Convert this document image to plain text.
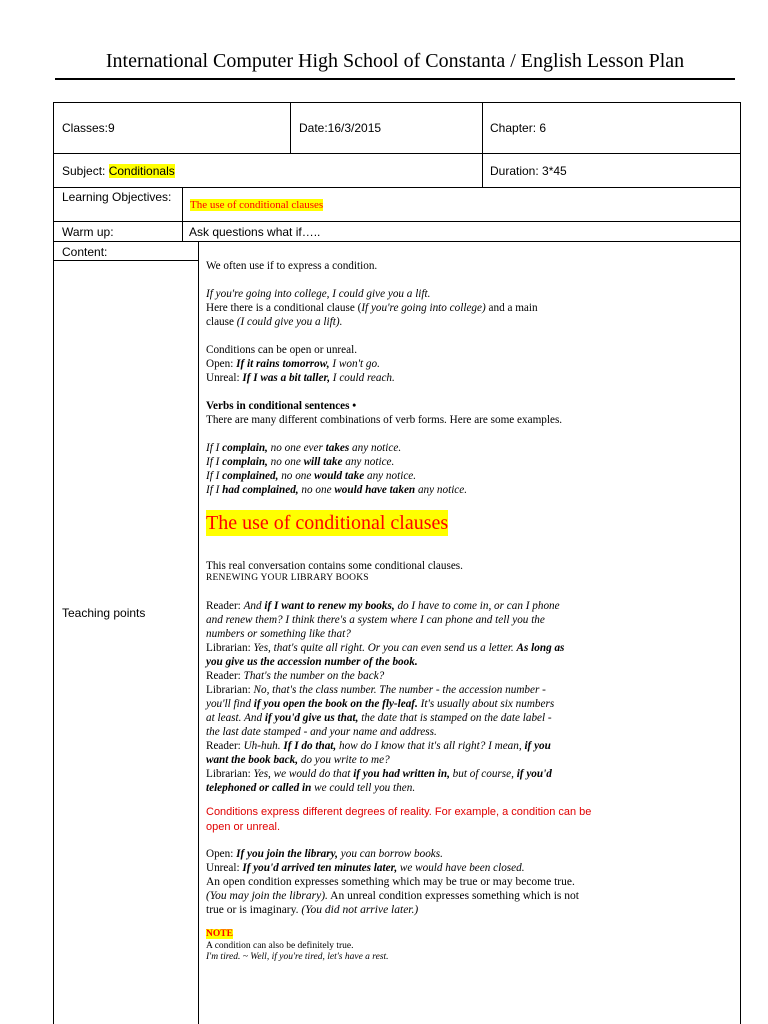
International Computer High School of Constanta / English Lesson Plan
Classes:9	Date:16/3/2015	Chapter: 6
Subject: Conditionals	Duration: 3*45
Learning Objectives:
The use of conditional clauses
Warm up:	Ask questions what if…..
Content:
Teaching points

We often use if to express a condition.

If you're going into college, I could give you a lift.

Here there is a conditional clause (If you're going into college) and a main

clause (I could give you a lift).

Conditions can be open or unreal.

Open: If it rains tomorrow, I won't go.

Unreal: If I was a bit taller, I could reach.

Verbs in conditional sentences •

There are many different combinations of verb forms. Here are some examples.

If I complain, no one ever takes any notice.

If I complain, no one will take any notice.

If I complained, no one would take any notice.

If I had complained, no one would have taken any notice.

The use of conditional clauses

This real conversation contains some conditional clauses.

RENEWING YOUR LIBRARY BOOKS

Reader: And if I want to renew my books, do I have to come in, or can I phone

and renew them? I think there's a system where I can phone and tell you the

numbers or something like that?

Librarian: Yes, that's quite all right. Or you can even send us a letter. As long as

you give us the accession number of the book.

Reader: That's the number on the back?

Librarian: No, that's the class number. The number - the accession number -

you'll find if you open the book on the fly-leaf. It's usually about six numbers

at least. And if you'd give us that, the date that is stamped on the date label -

the last date stamped - and your name and address.

Reader: Uh-huh. If I do that, how do I know that it's all right? I mean, if you

want the book back, do you write to me?

Librarian: Yes, we would do that if you had written in, but of course, if you'd

telephoned or called in we could tell you then.

Conditions express different degrees of reality. For example, a condition can be

open or unreal.

Open: If you join the library, you can borrow books.

Unreal: If you'd arrived ten minutes later, we would have been closed.

An open condition expresses something which may be true or may become true.

(You may join the library). An unreal condition expresses something which is not

true or is imaginary. (You did not arrive later.)

NOTE

A condition can also be definitely true.

I'm tired. ~ Well, if you're tired, let's have a rest.
